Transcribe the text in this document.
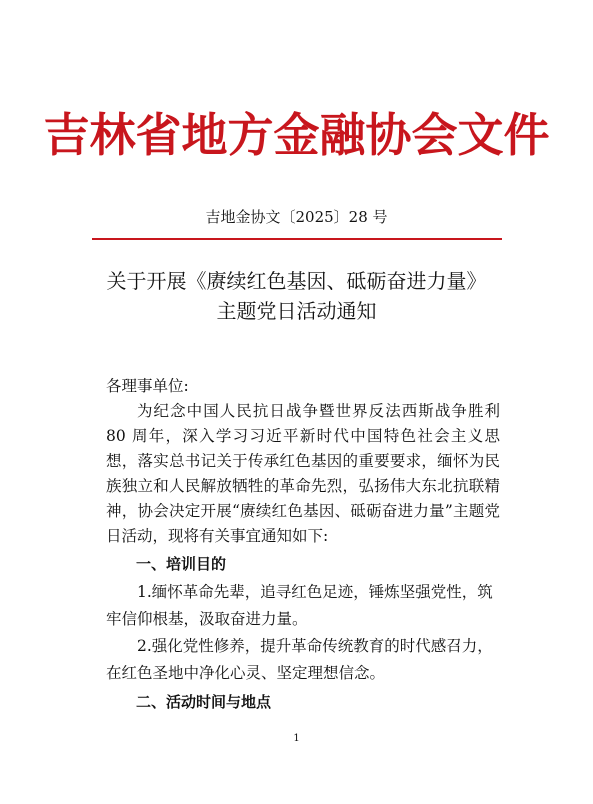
吉林省地方金融协会文件
吉地金协文〔2025〕28 号
关于开展《赓续红色基因、砥砺奋进力量》
主题党日活动通知

各理事单位:

为纪念中国人民抗日战争暨世界反法西斯战争胜利 80 周年，深入学习习近平新时代中国特色社会主义思想，落实总书记关于传承红色基因的重要要求，缅怀为民族独立和人民解放牺牲的革命先烈，弘扬伟大东北抗联精神，协会决定开展“赓续红色基因、砥砺奋进力量”主题党日活动，现将有关事宜通知如下:

一、培训目的

1.缅怀革命先辈，追寻红色足迹，锤炼坚强党性，筑牢信仰根基，汲取奋进力量。

2.强化党性修养，提升革命传统教育的时代感召力，在红色圣地中净化心灵、坚定理想信念。

二、活动时间与地点

1
